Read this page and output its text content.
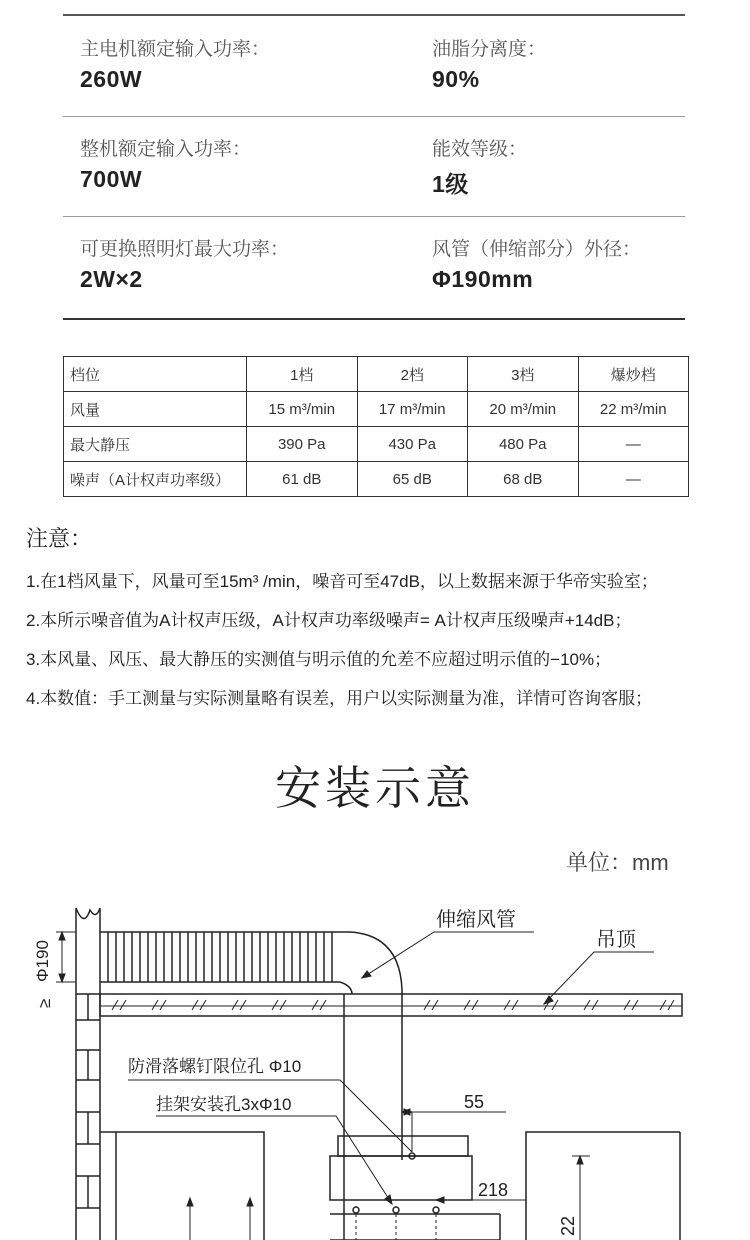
主电机额定输入功率：
260W
油脂分离度：
90%
整机额定输入功率：
700W
能效等级：
1级
可更换照明灯最大功率：
2W×2
风管（伸缩部分）外径：
Φ190mm
档位	1档	2档	3档	爆炒档
风量	15 m³/min	17 m³/min	20 m³/min	22 m³/min
最大静压	390 Pa	430 Pa	480 Pa	—
噪声（A计权声功率级）	61 dB	65 dB	68 dB	—
注意：
1.在1档风量下，风量可至15m³ /min，噪音可至47dB，以上数据来源于华帝实验室；
2.本所示噪音值为A计权声压级，A计权声功率级噪声= A计权声压级噪声+14dB；
3.本风量、风压、最大静压的实测值与明示值的允差不应超过明示值的−10%；
4.本数值：手工测量与实际测量略有误差，用户以实际测量为准，详情可咨询客服；
安装示意
单位：mm
伸缩风管
吊顶
防滑落螺钉限位孔 Φ10
挂架安装孔3xΦ10	55
218
22
Φ190
≥
